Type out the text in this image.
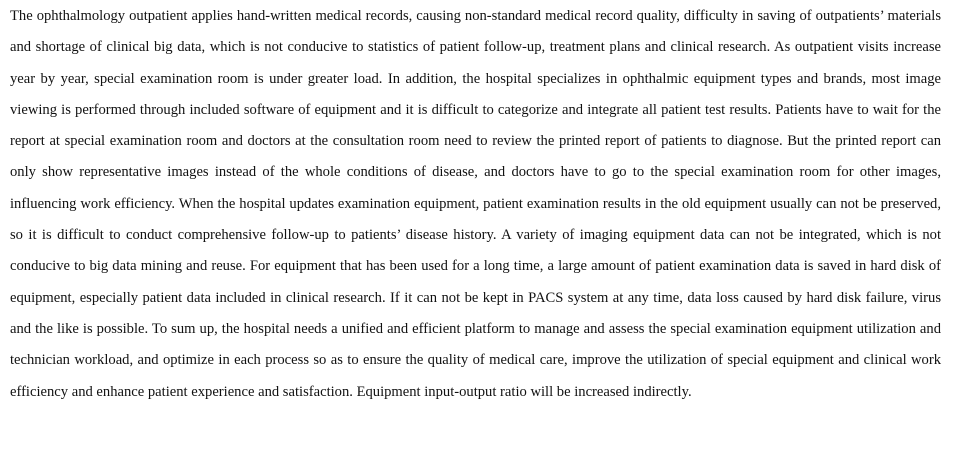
The ophthalmology outpatient applies hand-written medical records, causing non-standard medical record quality, difficulty in saving of outpatients’ materials and shortage of clinical big data, which is not conducive to statistics of patient follow-up, treatment plans and clinical research. As outpatient visits increase year by year, special examination room is under greater load. In addition, the hospital specializes in ophthalmic equipment types and brands, most image viewing is performed through included software of equipment and it is difficult to categorize and integrate all patient test results. Patients have to wait for the report at special examination room and doctors at the consultation room need to review the printed report of patients to diagnose. But the printed report can only show representative images instead of the whole conditions of disease, and doctors have to go to the special examination room for other images, influencing work efficiency. When the hospital updates examination equipment, patient examination results in the old equipment usually can not be preserved, so it is difficult to conduct comprehensive follow-up to patients’ disease history. A variety of imaging equipment data can not be integrated, which is not conducive to big data mining and reuse. For equipment that has been used for a long time, a large amount of patient examination data is saved in hard disk of equipment, especially patient data included in clinical research. If it can not be kept in PACS system at any time, data loss caused by hard disk failure, virus and the like is possible. To sum up, the hospital needs a unified and efficient platform to manage and assess the special examination equipment utilization and technician workload, and optimize in each process so as to ensure the quality of medical care, improve the utilization of special equipment and clinical work efficiency and enhance patient experience and satisfaction. Equipment input-output ratio will be increased indirectly.
